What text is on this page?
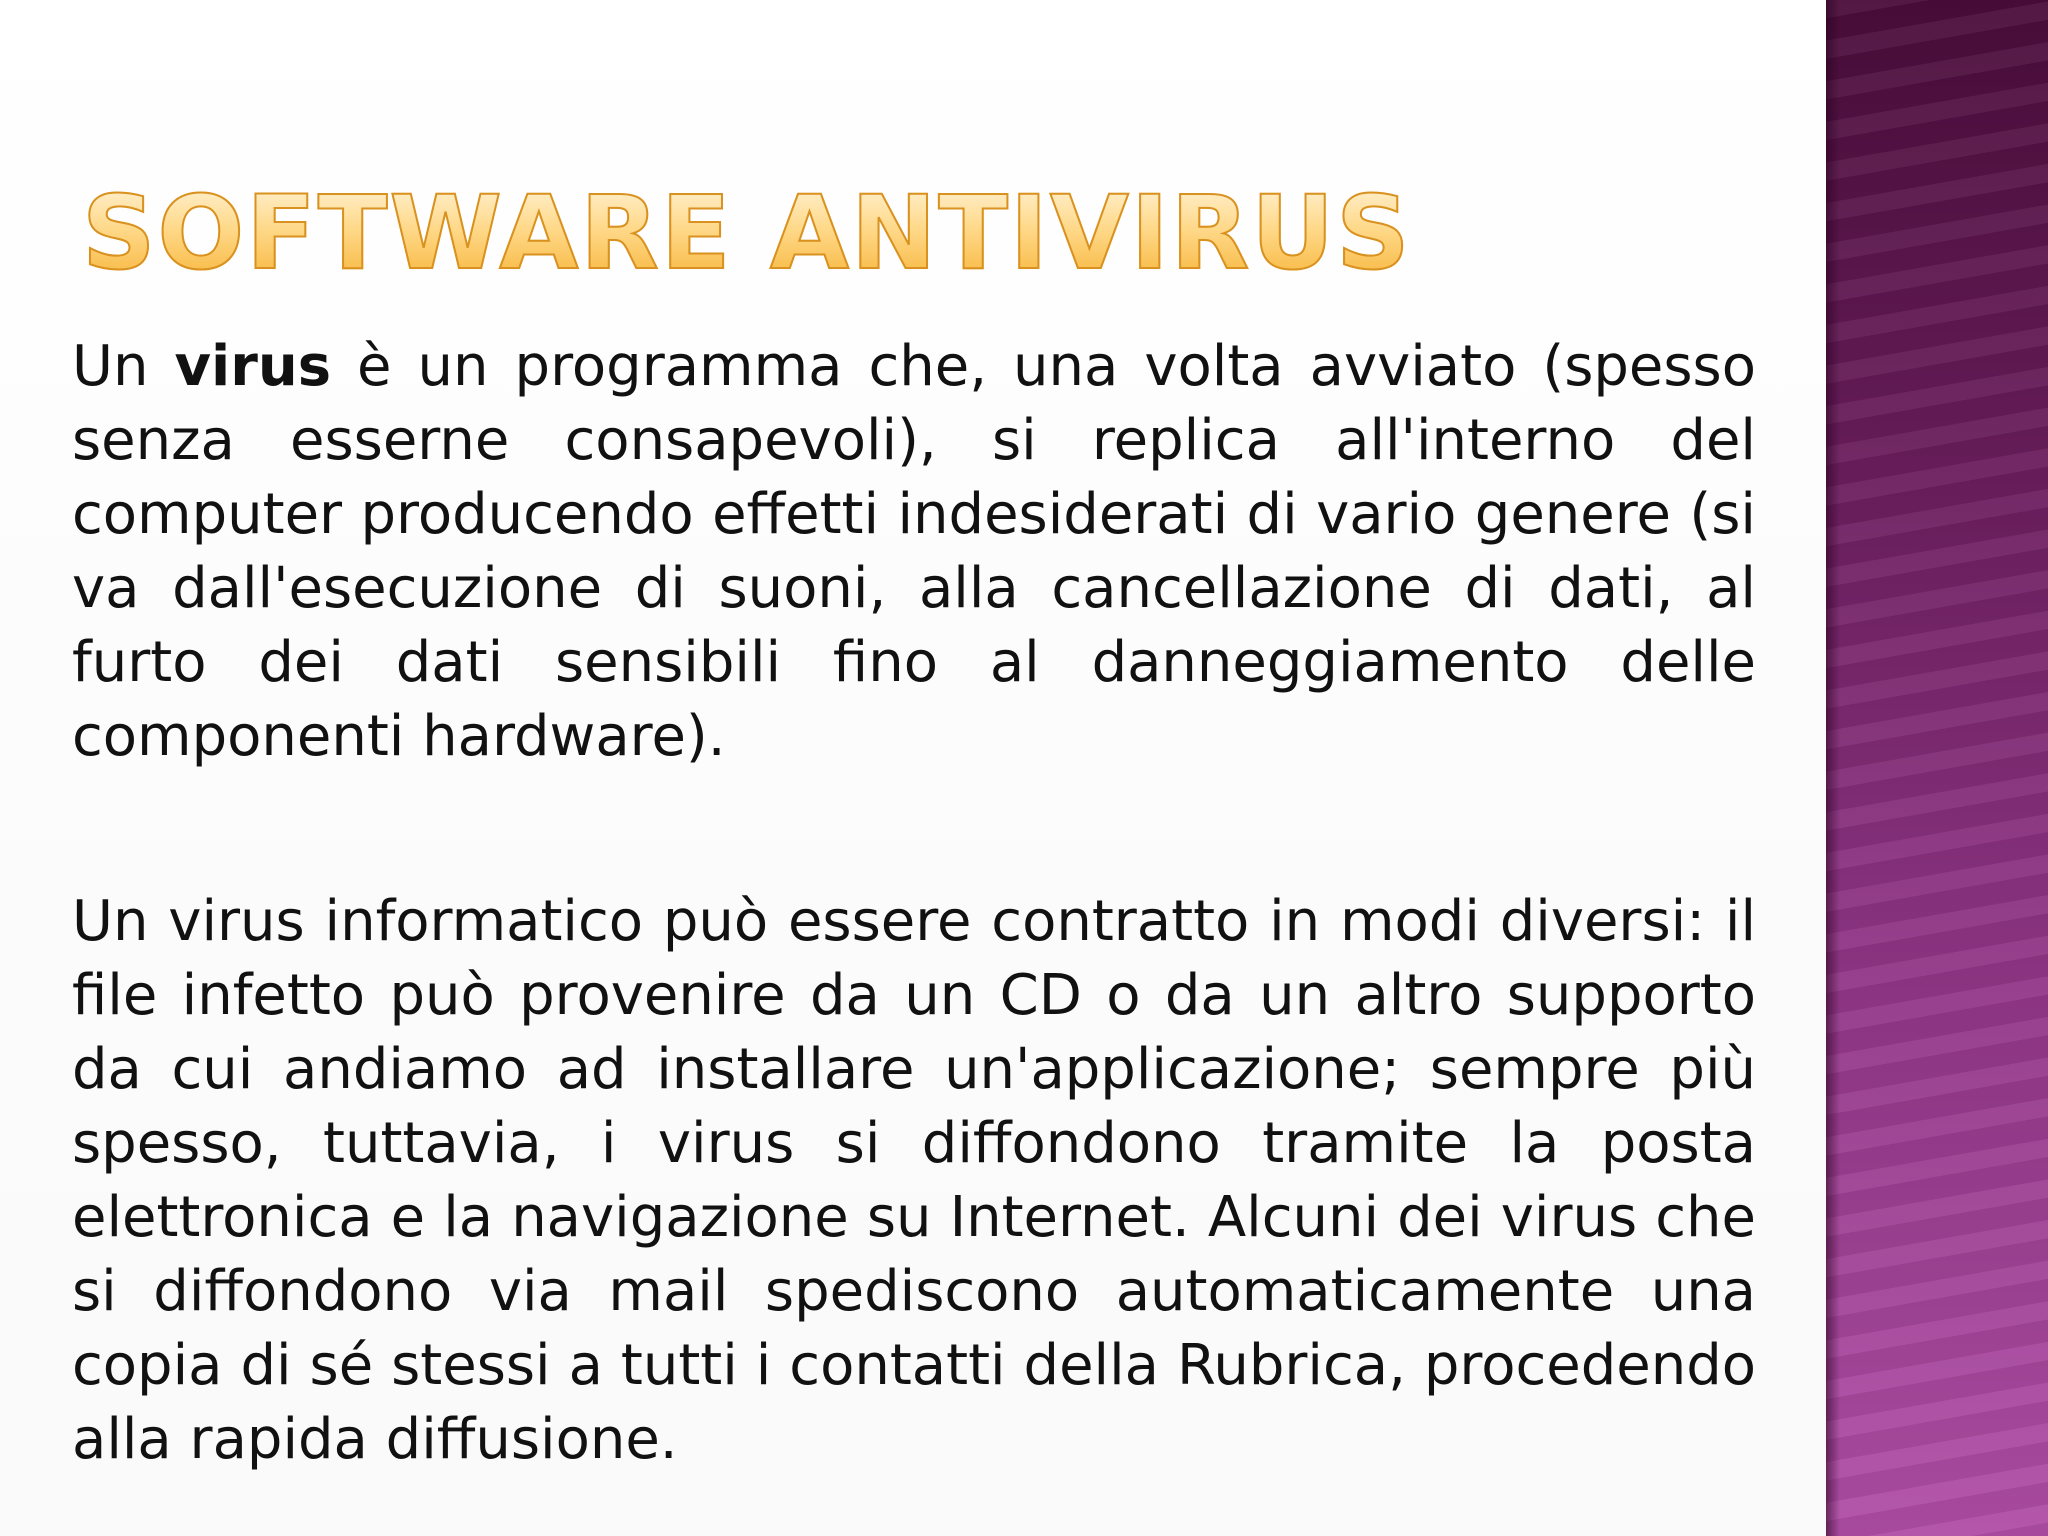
SOFTWARE ANTIVIRUS

Un virus è un programma che, una volta avviato (spesso senza esserne consapevoli), si replica all'interno del computer producendo effetti indesiderati di vario genere (si va dall'esecuzione di suoni, alla cancellazione di dati, al furto dei dati sensibili fino al danneggiamento delle componenti hardware).

Un virus informatico può essere contratto in modi diversi: il file infetto può provenire da un CD o da un altro supporto da cui andiamo ad installare un'applicazione; sempre più spesso, tuttavia, i virus si diffondono tramite la posta elettronica e la navigazione su Internet. Alcuni dei virus che si diffondono via mail spediscono automaticamente una copia di sé stessi a tutti i contatti della Rubrica, procedendo alla rapida diffusione.
